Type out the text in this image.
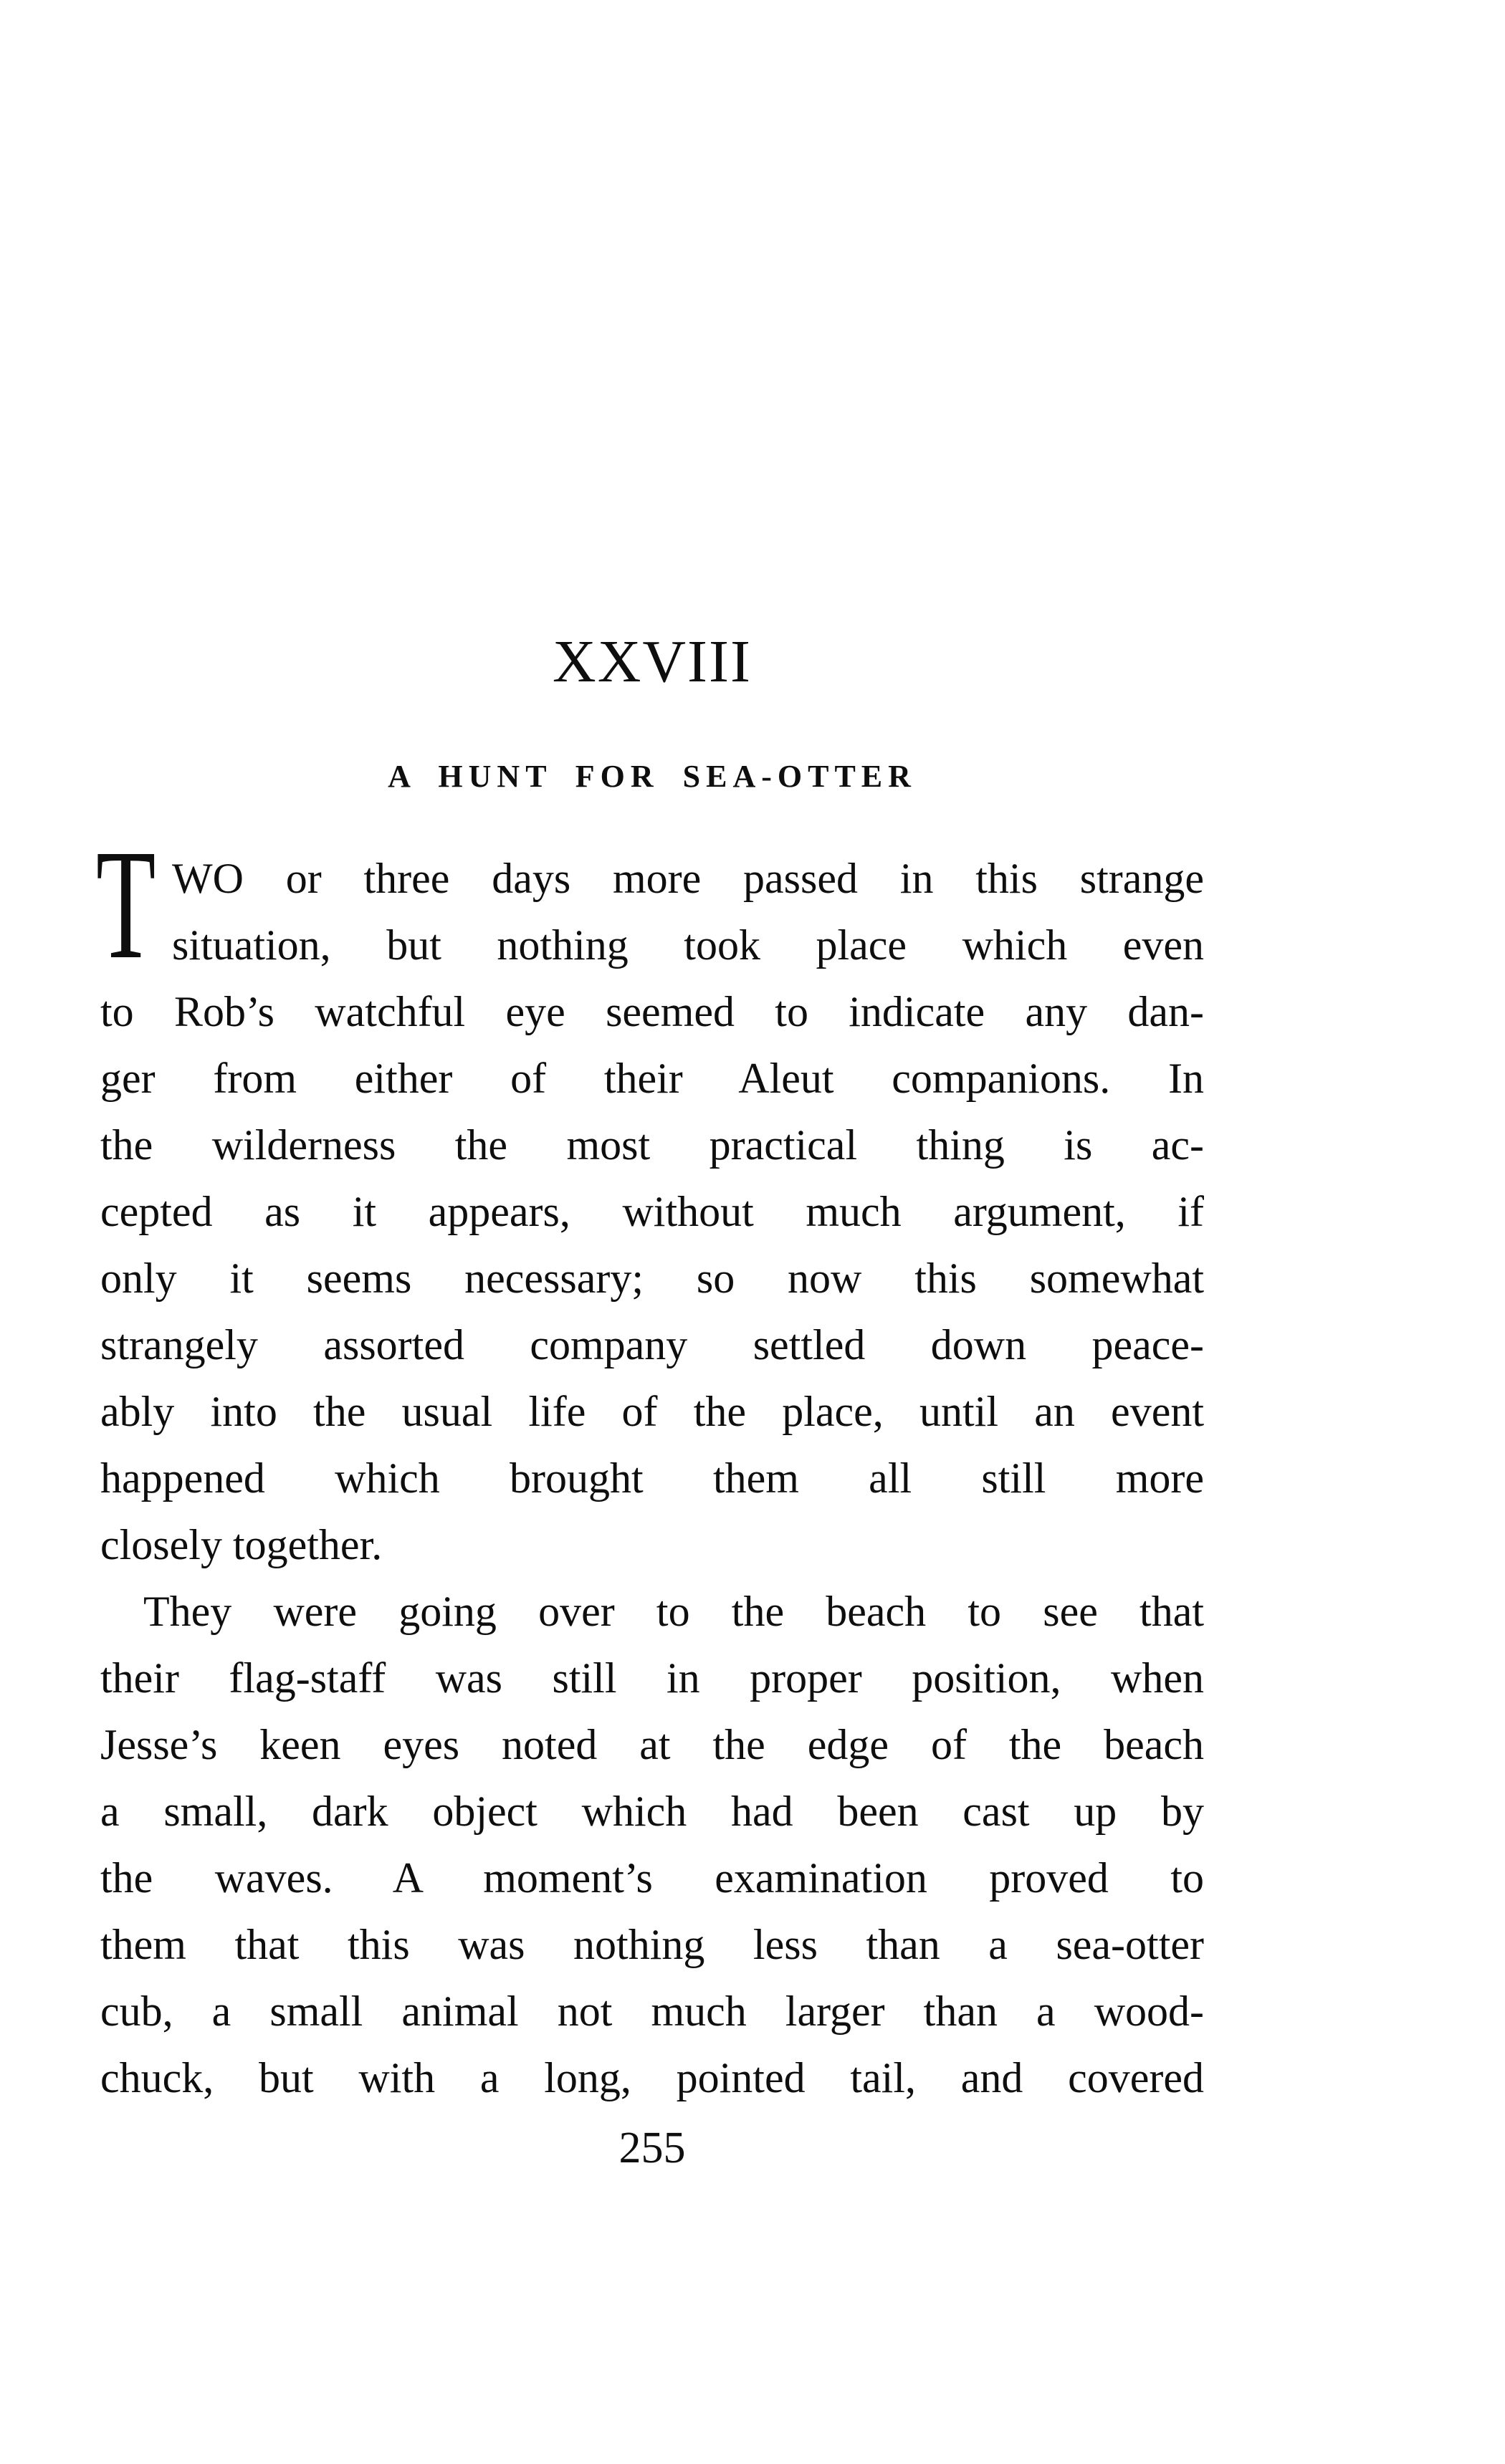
XXVIII
A HUNT FOR SEA-OTTER
T WO or three days more passed in this strange
situation, but nothing took place which even
to Rob’s watchful eye seemed to indicate any dan-
ger from either of their Aleut companions. In
the wilderness the most practical thing is ac-
cepted as it appears, without much argument, if
only it seems necessary; so now this somewhat
strangely assorted company settled down peace-
ably into the usual life of the place, until an event
happened which brought them all still more
closely together.
They were going over to the beach to see that
their flag-staff was still in proper position, when
Jesse’s keen eyes noted at the edge of the beach
a small, dark object which had been cast up by
the waves. A moment’s examination proved to
them that this was nothing less than a sea-otter
cub, a small animal not much larger than a wood-
chuck, but with a long, pointed tail, and covered
255
